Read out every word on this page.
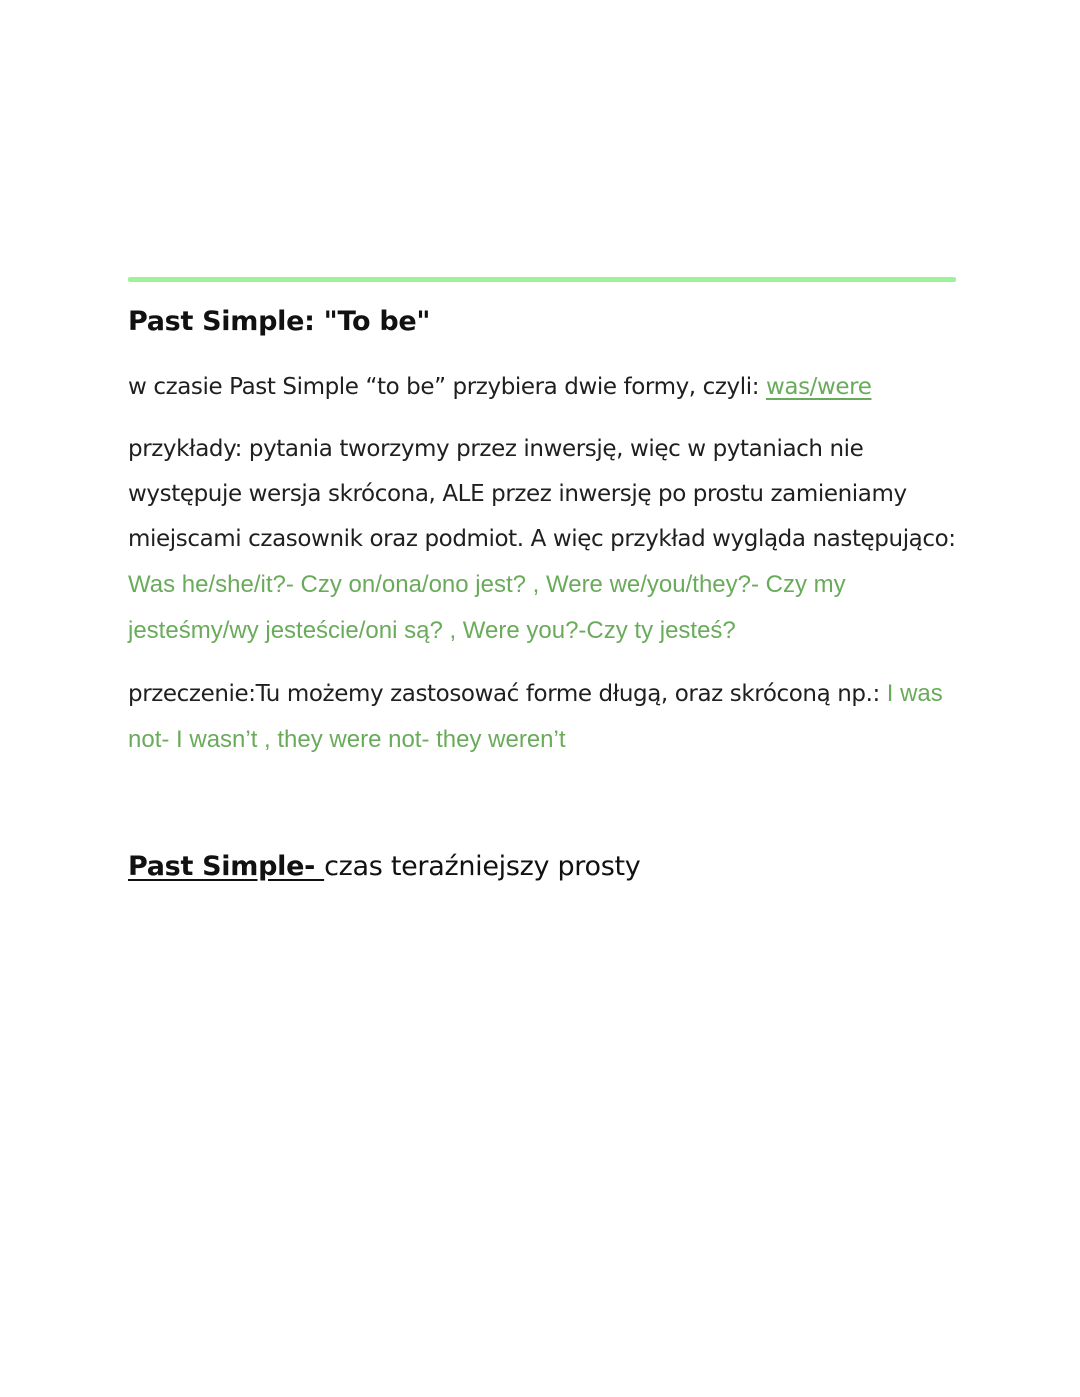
Past Simple: "To be"

w czasie Past Simple “to be” przybiera dwie formy, czyli: was/were

przykłady: pytania tworzymy przez inwersję, więc w pytaniach nie występuje wersja skrócona, ALE przez inwersję po prostu zamieniamy miejscami czasownik oraz podmiot. A więc przykład wygląda następująco: Was he/she/it?- Czy on/ona/ono jest? , Were we/you/they?- Czy my jesteśmy/wy jesteście/oni są? , Were you?-Czy ty jesteś?

przeczenie:Tu możemy zastosować forme długą, oraz skróconą np.: I was not- I wasn’t , they were not- they weren’t

Past Simple- czas teraźniejszy prosty
